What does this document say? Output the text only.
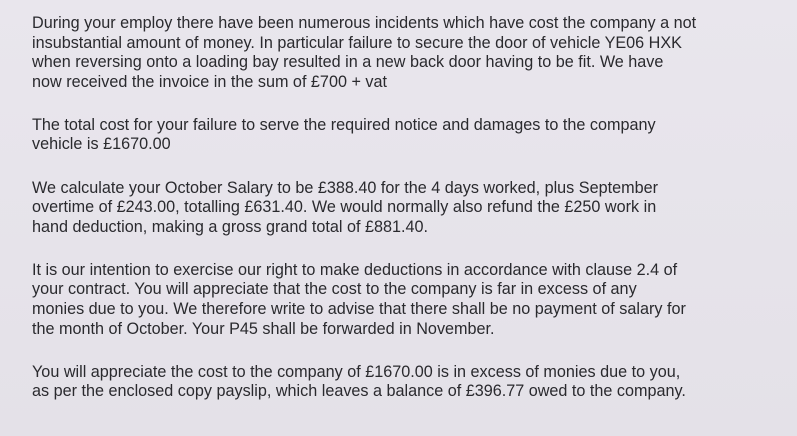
During your employ there have been numerous incidents which have cost the company a not
insubstantial amount of money. In particular failure to secure the door of vehicle YE06 HXK
when reversing onto a loading bay resulted in a new back door having to be fit. We have
now received the invoice in the sum of £700 + vat

The total cost for your failure to serve the required notice and damages to the company
vehicle is £1670.00

We calculate your October Salary to be £388.40 for the 4 days worked, plus September
overtime of £243.00, totalling £631.40. We would normally also refund the £250 work in
hand deduction, making a gross grand total of £881.40.

It is our intention to exercise our right to make deductions in accordance with clause 2.4 of
your contract. You will appreciate that the cost to the company is far in excess of any
monies due to you. We therefore write to advise that there shall be no payment of salary for
the month of October. Your P45 shall be forwarded in November.

You will appreciate the cost to the company of £1670.00 is in excess of monies due to you,
as per the enclosed copy payslip, which leaves a balance of £396.77 owed to the company.
